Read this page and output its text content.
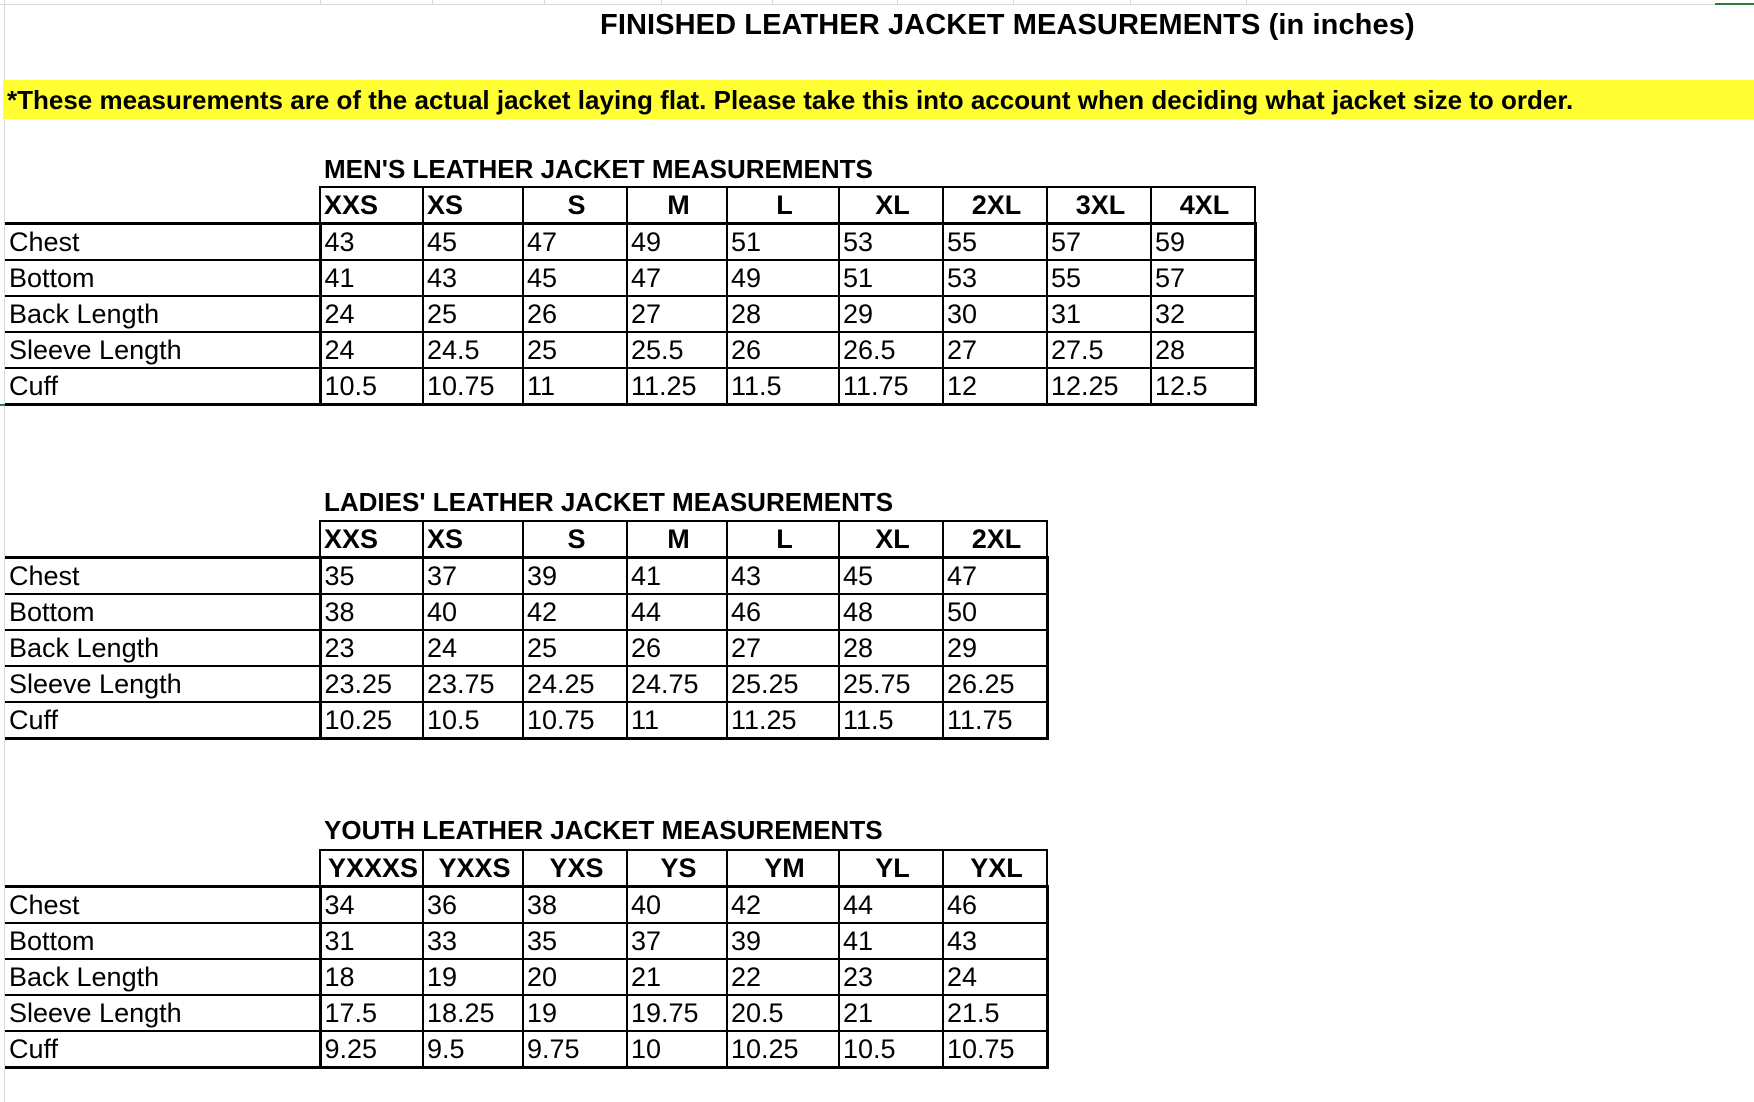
FINISHED LEATHER JACKET MEASUREMENTS (in inches)
*These measurements are of the actual jacket laying flat. Please take this into account when deciding what jacket size to order.
MEN'S LEATHER JACKET MEASUREMENTS
	XXS	XS	S	M	L	XL	2XL	3XL	4XL
Chest	43	45	47	49	51	53	55	57	59
Bottom	41	43	45	47	49	51	53	55	57
Back Length	24	25	26	27	28	29	30	31	32
Sleeve Length	24	24.5	25	25.5	26	26.5	27	27.5	28
Cuff	10.5	10.75	11	11.25	11.5	11.75	12	12.25	12.5
LADIES' LEATHER JACKET MEASUREMENTS
	XXS	XS	S	M	L	XL	2XL
Chest	35	37	39	41	43	45	47
Bottom	38	40	42	44	46	48	50
Back Length	23	24	25	26	27	28	29
Sleeve Length	23.25	23.75	24.25	24.75	25.25	25.75	26.25
Cuff	10.25	10.5	10.75	11	11.25	11.5	11.75
YOUTH LEATHER JACKET MEASUREMENTS
	YXXXS	YXXS	YXS	YS	YM	YL	YXL
Chest	34	36	38	40	42	44	46
Bottom	31	33	35	37	39	41	43
Back Length	18	19	20	21	22	23	24
Sleeve Length	17.5	18.25	19	19.75	20.5	21	21.5
Cuff	9.25	9.5	9.75	10	10.25	10.5	10.75
